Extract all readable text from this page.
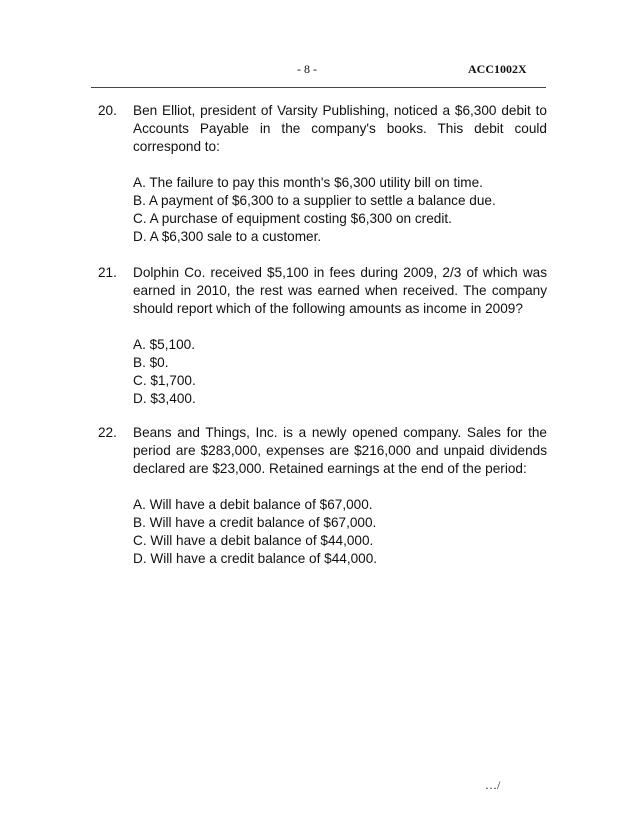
- 8 -	ACC1002X
20. Ben Elliot, president of Varsity Publishing, noticed a $6,300 debit to Accounts Payable in the company's books. This debit could correspond to:

A. The failure to pay this month's $6,300 utility bill on time.
B. A payment of $6,300 to a supplier to settle a balance due.
C. A purchase of equipment costing $6,300 on credit.
D. A $6,300 sale to a customer.
21. Dolphin Co. received $5,100 in fees during 2009, 2/3 of which was earned in 2010, the rest was earned when received. The company should report which of the following amounts as income in 2009?

A. $5,100.
B. $0.
C. $1,700.
D. $3,400.
22. Beans and Things, Inc. is a newly opened company. Sales for the period are $283,000, expenses are $216,000 and unpaid dividends declared are $23,000. Retained earnings at the end of the period:

A. Will have a debit balance of $67,000.
B. Will have a credit balance of $67,000.
C. Will have a debit balance of $44,000.
D. Will have a credit balance of $44,000.
…/
